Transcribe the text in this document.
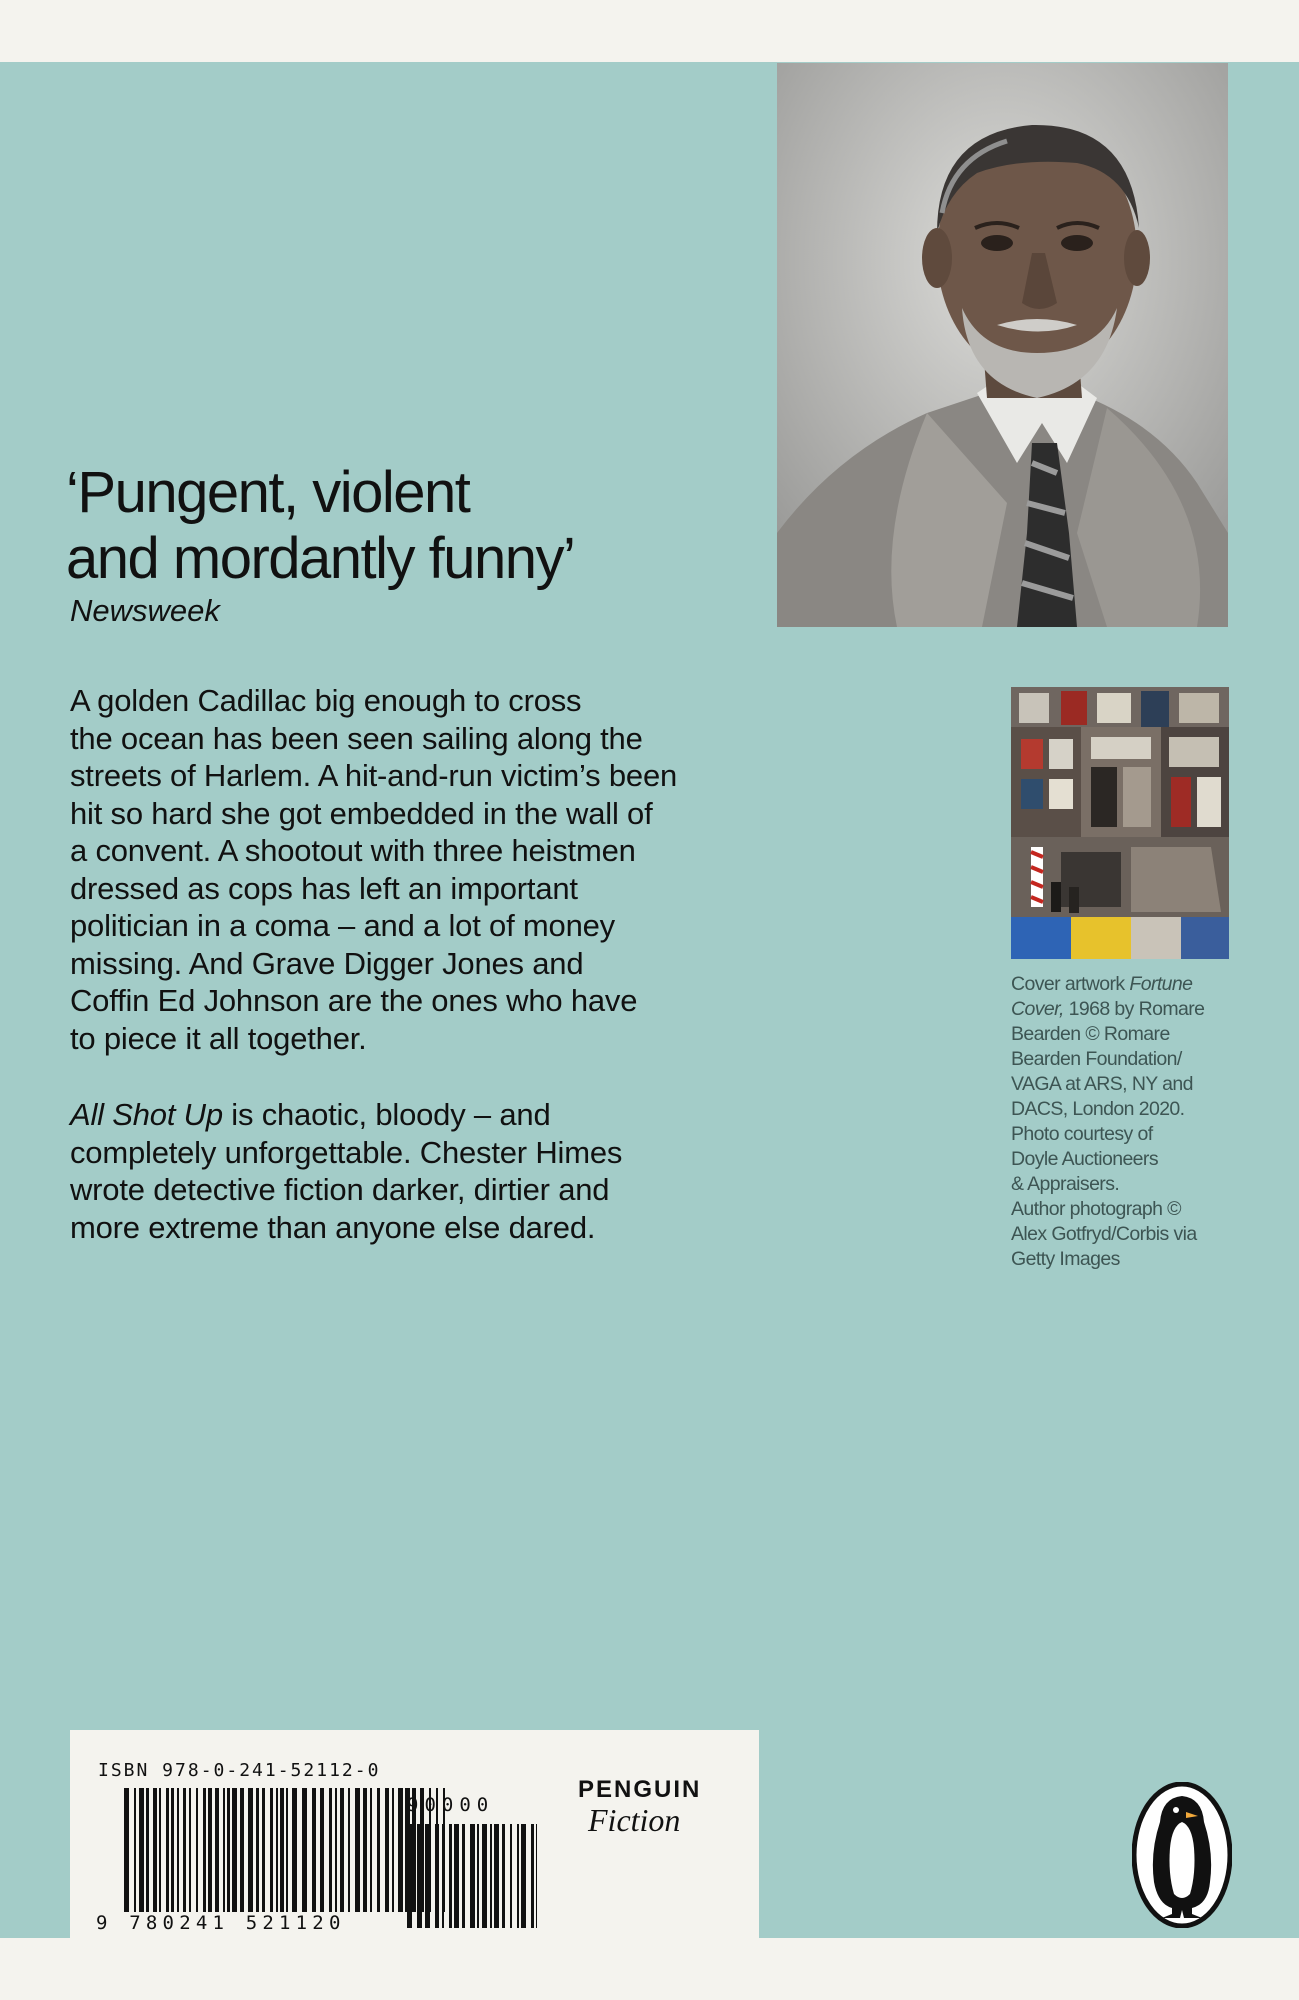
‘Pungent, violent
and mordantly funny’
Newsweek
A golden Cadillac big enough to cross
the ocean has been seen sailing along the
streets of Harlem. A hit-and-run victim’s been
hit so hard she got embedded in the wall of
a convent. A shootout with three heistmen
dressed as cops has left an important
politician in a coma – and a lot of money
missing. And Grave Digger Jones and
Coffin Ed Johnson are the ones who have
to piece it all together.
All Shot Up is chaotic, bloody – and
completely unforgettable. Chester Himes
wrote detective fiction darker, dirtier and
more extreme than anyone else dared.
Cover artwork Fortune
Cover, 1968 by Romare
Bearden © Romare
Bearden Foundation/
VAGA at ARS, NY and
DACS, London 2020.
Photo courtesy of
Doyle Auctioneers
& Appraisers.
Author photograph ©
Alex Gotfryd/Corbis via
Getty Images
ISBN 978-0-241-52112-0
9 780241 521120
90000
PENGUIN
Fiction
